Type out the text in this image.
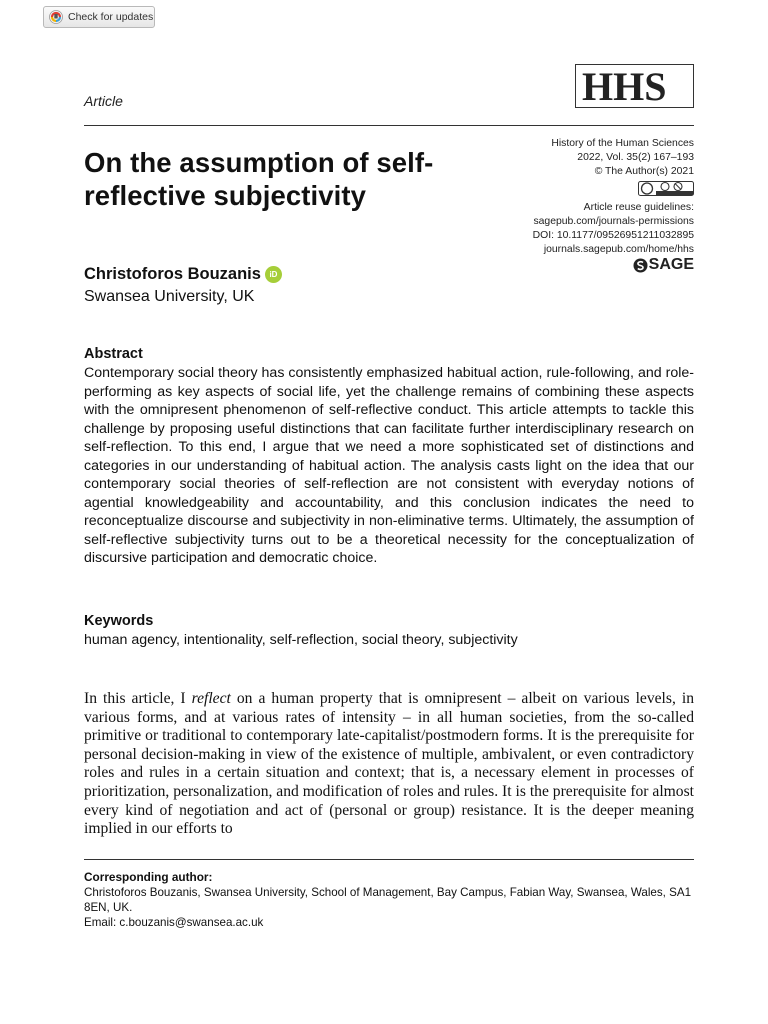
Check for updates
HHS
Article
On the assumption of self-reflective subjectivity
History of the Human Sciences
2022, Vol. 35(2) 167–193
© The Author(s) 2021
Article reuse guidelines:
sagepub.com/journals-permissions
DOI: 10.1177/09526951211032895
journals.sagepub.com/home/hhs
SAGE
Christoforos Bouzanis	iD
Swansea University, UK
Abstract
Contemporary social theory has consistently emphasized habitual action, rule-following, and role-performing as key aspects of social life, yet the challenge remains of combining these aspects with the omnipresent phenomenon of self-reflective conduct. This article attempts to tackle this challenge by proposing useful distinctions that can facilitate further interdisciplinary research on self-reflection. To this end, I argue that we need a more sophisticated set of distinctions and categories in our understanding of habitual action. The analysis casts light on the idea that our contemporary social theories of self-reflection are not consistent with everyday notions of agential knowledgeability and accountability, and this conclusion indicates the need to reconceptualize discourse and subjectivity in non-eliminative terms. Ultimately, the assumption of self-reflective subjectivity turns out to be a theoretical necessity for the conceptualization of discursive participation and democratic choice.
Keywords
human agency, intentionality, self-reflection, social theory, subjectivity
In this article, I reflect on a human property that is omnipresent – albeit on various levels, in various forms, and at various rates of intensity – in all human societies, from the so-called primitive or traditional to contemporary late-capitalist/postmodern forms. It is the prerequisite for personal decision-making in view of the existence of multiple, ambivalent, or even contradictory roles and rules in a certain situation and context; that is, a necessary element in processes of prioritization, personalization, and modification of roles and rules. It is the prerequisite for almost every kind of negotiation and act of (personal or group) resistance. It is the deeper meaning implied in our efforts to
Corresponding author:
Christoforos Bouzanis, Swansea University, School of Management, Bay Campus, Fabian Way, Swansea, Wales, SA1 8EN, UK.
Email: c.bouzanis@swansea.ac.uk
